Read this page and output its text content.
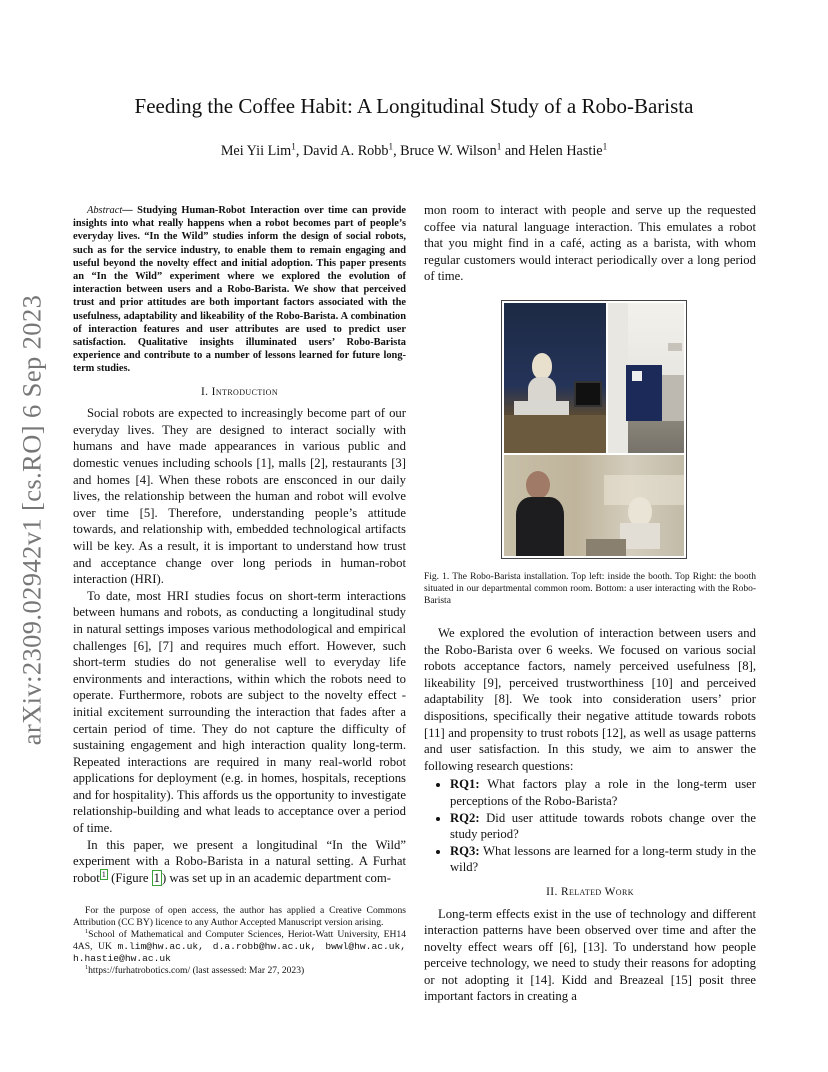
arXiv:2309.02942v1 [cs.RO] 6 Sep 2023
Feeding the Coffee Habit: A Longitudinal Study of a Robo-Barista
Mei Yii Lim$^1$, David A. Robb$^1$, Bruce W. Wilson$^1$ and Helen Hastie$^1$

Abstract— Studying Human-Robot Interaction over time can provide insights into what really happens when a robot becomes part of people’s everyday lives. “In the Wild” studies inform the design of social robots, such as for the service industry, to enable them to remain engaging and useful beyond the novelty effect and initial adoption. This paper presents an “In the Wild” experiment where we explored the evolution of interaction between users and a Robo-Barista. We show that perceived trust and prior attitudes are both important factors associated with the usefulness, adaptability and likeability of the Robo-Barista. A combination of interaction features and user attributes are used to predict user satisfaction. Qualitative insights illuminated users’ Robo-Barista experience and contribute to a number of lessons learned for future long-term studies.

I. Introduction

Social robots are expected to increasingly become part of our everyday lives. They are designed to interact socially with humans and have made appearances in various public and domestic venues including schools [1], malls [2], restaurants [3] and homes [4]. When these robots are ensconced in our daily lives, the relationship between the human and robot will evolve over time [5]. Therefore, understanding people’s attitude towards, and relationship with, embedded technological artifacts will be key. As a result, it is important to understand how trust and acceptance change over long periods in human-robot interaction (HRI).

To date, most HRI studies focus on short-term interactions between humans and robots, as conducting a longitudinal study in natural settings imposes various methodological and empirical challenges [6], [7] and requires much effort. However, such short-term studies do not generalise well to everyday life environments and interactions, within which the robots need to operate. Furthermore, robots are subject to the novelty effect - initial excitement surrounding the interaction that fades after a certain period of time. They do not capture the difficulty of sustaining engagement and high interaction quality long-term. Repeated interactions are required in many real-world robot applications for deployment (e.g. in homes, hospitals, receptions and for hospitality). This affords us the opportunity to investigate relationship-building and what leads to acceptance over a period of time.

In this paper, we present a longitudinal “In the Wild” experiment with a Robo-Barista in a natural setting. A Furhat robot $^1$ (Figure 1 ) was set up in an academic department com-

For the purpose of open access, the author has applied a Creative Commons Attribution (CC BY) licence to any Author Accepted Manuscript version arising.

$^1$School of Mathematical and Computer Sciences, Heriot-Watt University, EH14 4AS, UK m.lim@hw.ac.uk, d.a.robb@hw.ac.uk, bwwl@hw.ac.uk, h.hastie@hw.ac.uk

$^1$https://furhatrobotics.com/ (last assessed: Mar 27, 2023)

mon room to interact with people and serve up the requested coffee via natural language interaction. This emulates a robot that you might find in a café, acting as a barista, with whom regular customers would interact periodically over a long period of time.

Fig. 1. The Robo-Barista installation. Top left: inside the booth. Top Right: the booth situated in our departmental common room. Bottom: a user interacting with the Robo-Barista

We explored the evolution of interaction between users and the Robo-Barista over 6 weeks. We focused on various social robots acceptance factors, namely perceived usefulness [8], likeability [9], perceived trustworthiness [10] and perceived adaptability [8]. We took into consideration users’ prior dispositions, specifically their negative attitude towards robots [11] and propensity to trust robots [12], as well as usage patterns and user satisfaction. In this study, we aim to answer the following research questions:

• RQ1: What factors play a role in the long-term user perceptions of the Robo-Barista?
• RQ2: Did user attitude towards robots change over the study period?
• RQ3: What lessons are learned for a long-term study in the wild?
II. Related Work

Long-term effects exist in the use of technology and different interaction patterns have been observed over time and after the novelty effect wears off [6], [13]. To understand how people perceive technology, we need to study their reasons for adopting or not adopting it [14]. Kidd and Breazeal [15] posit three important factors in creating a
